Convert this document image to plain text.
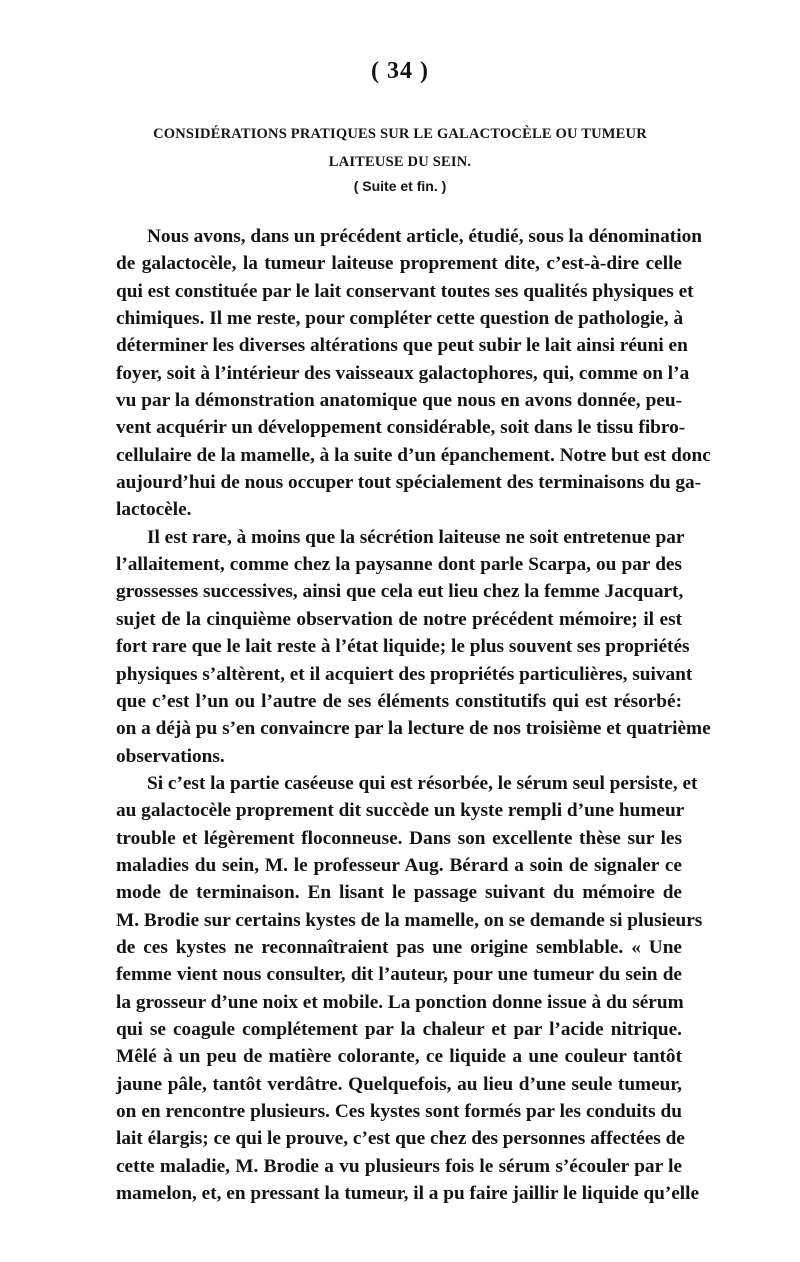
( 34 )
CONSIDÉRATIONS PRATIQUES SUR LE GALACTOCÈLE OU TUMEUR LAITEUSE DU SEIN.
( Suite et fin. )
Nous avons, dans un précédent article, étudié, sous la dénomination
de galactocèle, la tumeur laiteuse proprement dite, c’est-à-dire celle
qui est constituée par le lait conservant toutes ses qualités physiques et
chimiques. Il me reste, pour compléter cette question de pathologie, à
déterminer les diverses altérations que peut subir le lait ainsi réuni en
foyer, soit à l’intérieur des vaisseaux galactophores, qui, comme on l’a
vu par la démonstration anatomique que nous en avons donnée, peu-
vent acquérir un développement considérable, soit dans le tissu fibro-
cellulaire de la mamelle, à la suite d’un épanchement. Notre but est donc
aujourd’hui de nous occuper tout spécialement des terminaisons du ga-
lactocèle.
Il est rare, à moins que la sécrétion laiteuse ne soit entretenue par
l’allaitement, comme chez la paysanne dont parle Scarpa, ou par des
grossesses successives, ainsi que cela eut lieu chez la femme Jacquart,
sujet de la cinquième observation de notre précédent mémoire; il est
fort rare que le lait reste à l’état liquide; le plus souvent ses propriétés
physiques s’altèrent, et il acquiert des propriétés particulières, suivant
que c’est l’un ou l’autre de ses éléments constitutifs qui est résorbé:
on a déjà pu s’en convaincre par la lecture de nos troisième et quatrième
observations.
Si c’est la partie caséeuse qui est résorbée, le sérum seul persiste, et
au galactocèle proprement dit succède un kyste rempli d’une humeur
trouble et légèrement floconneuse. Dans son excellente thèse sur les
maladies du sein, M. le professeur Aug. Bérard a soin de signaler ce
mode de terminaison. En lisant le passage suivant du mémoire de
M. Brodie sur certains kystes de la mamelle, on se demande si plusieurs
de ces kystes ne reconnaîtraient pas une origine semblable. « Une
femme vient nous consulter, dit l’auteur, pour une tumeur du sein de
la grosseur d’une noix et mobile. La ponction donne issue à du sérum
qui se coagule complétement par la chaleur et par l’acide nitrique.
Mêlé à un peu de matière colorante, ce liquide a une couleur tantôt
jaune pâle, tantôt verdâtre. Quelquefois, au lieu d’une seule tumeur,
on en rencontre plusieurs. Ces kystes sont formés par les conduits du
lait élargis; ce qui le prouve, c’est que chez des personnes affectées de
cette maladie, M. Brodie a vu plusieurs fois le sérum s’écouler par le
mamelon, et, en pressant la tumeur, il a pu faire jaillir le liquide qu’elle
